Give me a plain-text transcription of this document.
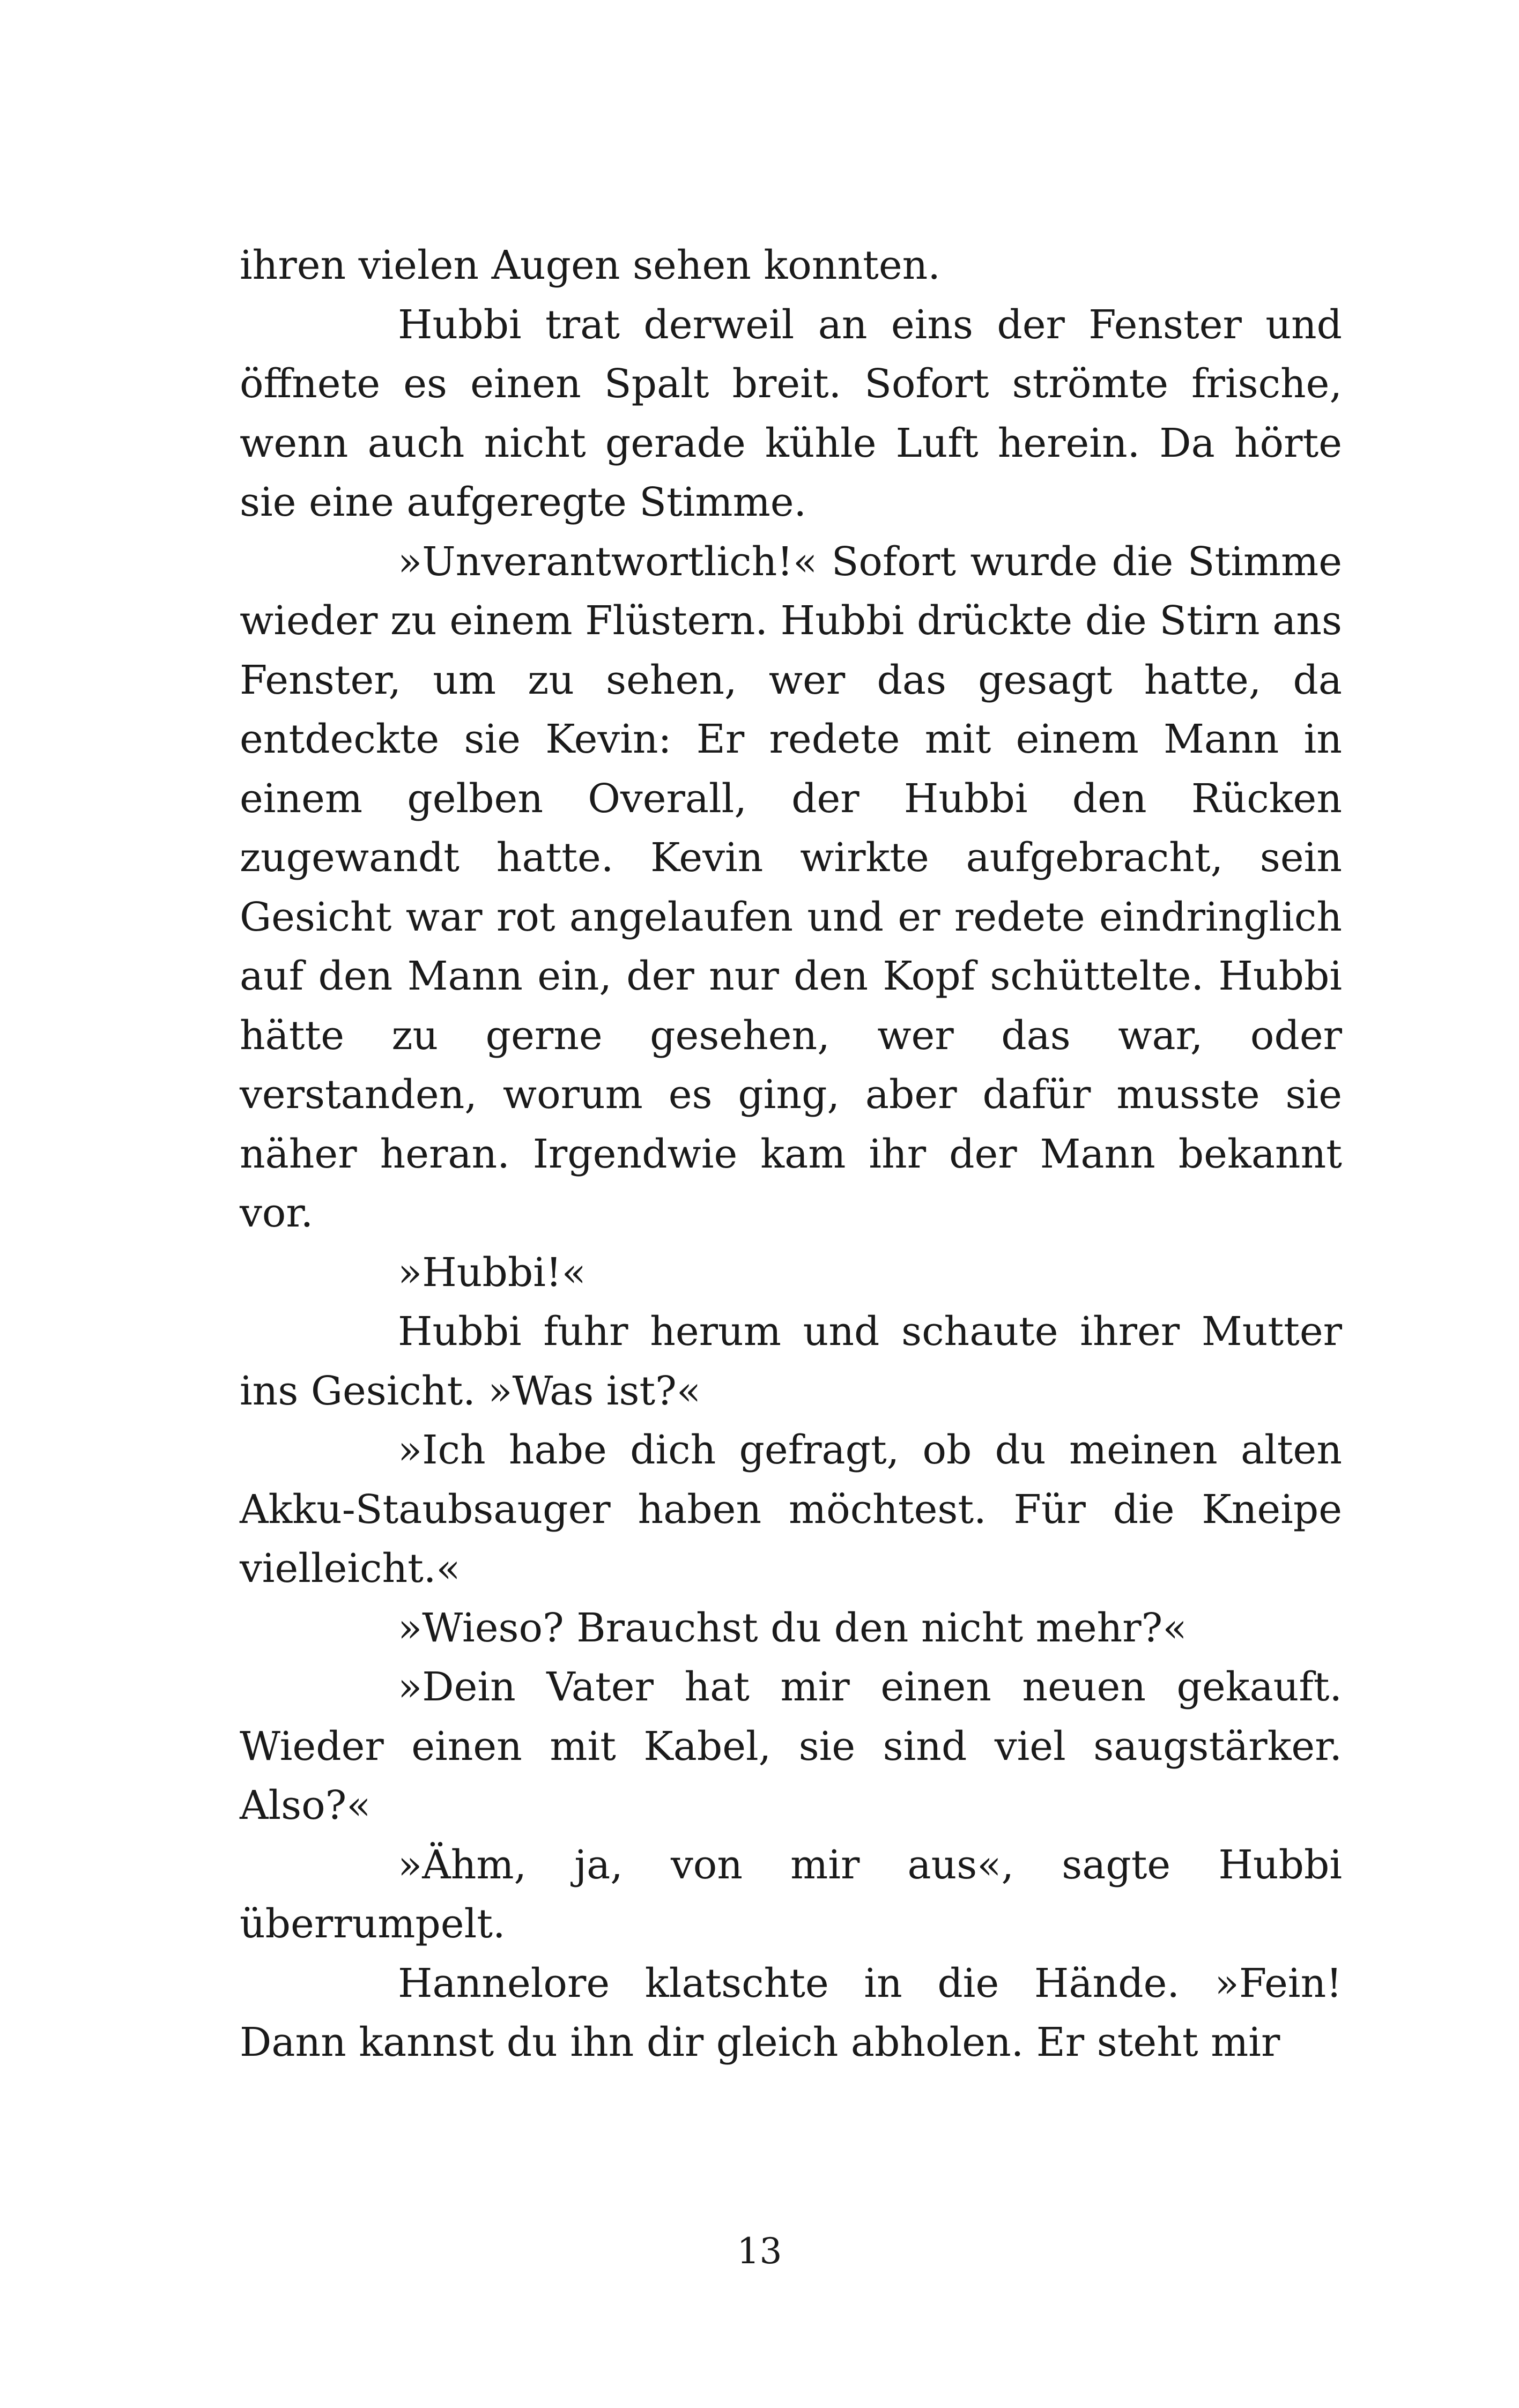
ihren vielen Augen sehen konnten.

Hubbi trat derweil an eins der Fenster und öffnete es einen Spalt breit. Sofort strömte frische, wenn auch nicht gerade kühle Luft herein. Da hörte sie eine aufgeregte Stimme.

»Unverantwortlich!« Sofort wurde die Stimme wieder zu einem Flüstern. Hubbi drückte die Stirn ans Fenster, um zu sehen, wer das gesagt hatte, da entdeckte sie Kevin: Er redete mit einem Mann in einem gelben Overall, der Hubbi den Rücken zugewandt hatte. Kevin wirkte aufgebracht, sein Gesicht war rot angelaufen und er redete eindringlich auf den Mann ein, der nur den Kopf schüttelte. Hubbi hätte zu gerne gesehen, wer das war, oder verstanden, worum es ging, aber dafür musste sie näher heran. Irgendwie kam ihr der Mann bekannt vor.

»Hubbi!«

Hubbi fuhr herum und schaute ihrer Mutter ins Gesicht. »Was ist?«

»Ich habe dich gefragt, ob du meinen alten Akku-Staubsauger haben möchtest. Für die Kneipe vielleicht.«

»Wieso? Brauchst du den nicht mehr?«

»Dein Vater hat mir einen neuen gekauft. Wieder einen mit Kabel, sie sind viel saugstärker. Also?«

»Ähm, ja, von mir aus«, sagte Hubbi überrumpelt.

Hannelore klatschte in die Hände. »Fein! Dann kannst du ihn dir gleich abholen. Er steht mir

13
